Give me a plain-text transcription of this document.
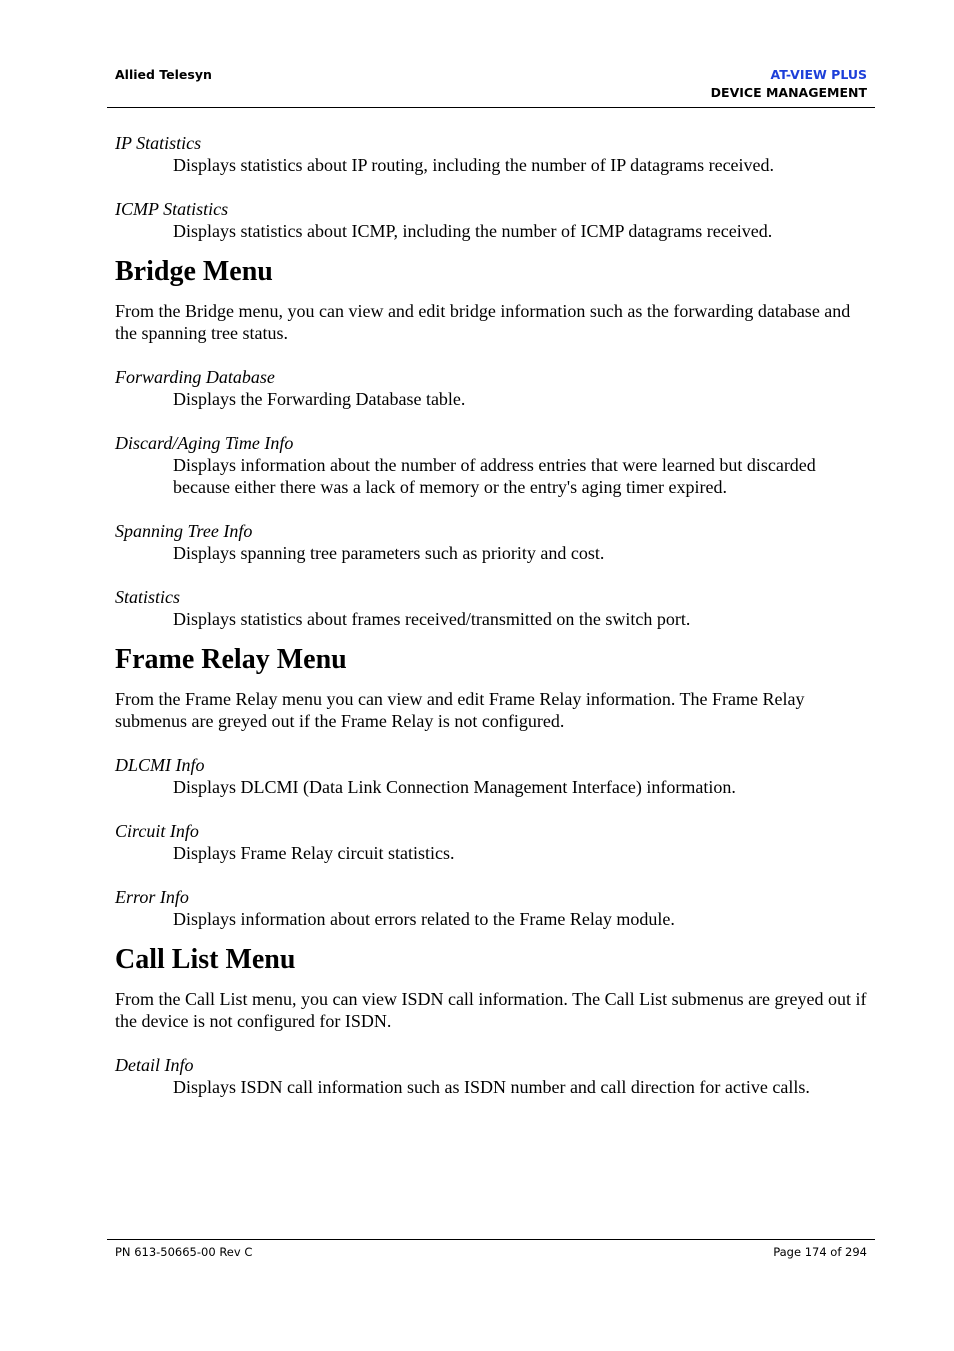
Allied Telesyn	AT-VIEW PLUS
DEVICE MANAGEMENT

IP Statistics

Displays statistics about IP routing, including the number of IP datagrams received.

ICMP Statistics

Displays statistics about ICMP, including the number of ICMP datagrams received.

Bridge Menu

From the Bridge menu, you can view and edit bridge information such as the forwarding database and the spanning tree status.

Forwarding Database

Displays the Forwarding Database table.

Discard/Aging Time Info

Displays information about the number of address entries that were learned but discarded because either there was a lack of memory or the entry's aging timer expired.

Spanning Tree Info

Displays spanning tree parameters such as priority and cost.

Statistics

Displays statistics about frames received/transmitted on the switch port.

Frame Relay Menu

From the Frame Relay menu you can view and edit Frame Relay information. The Frame Relay submenus are greyed out if the Frame Relay is not configured.

DLCMI Info

Displays DLCMI (Data Link Connection Management Interface) information.

Circuit Info

Displays Frame Relay circuit statistics.

Error Info

Displays information about errors related to the Frame Relay module.

Call List Menu

From the Call List menu, you can view ISDN call information. The Call List submenus are greyed out if the device is not configured for ISDN.

Detail Info

Displays ISDN call information such as ISDN number and call direction for active calls.

PN 613-50665-00 Rev C	Page 174 of 294
